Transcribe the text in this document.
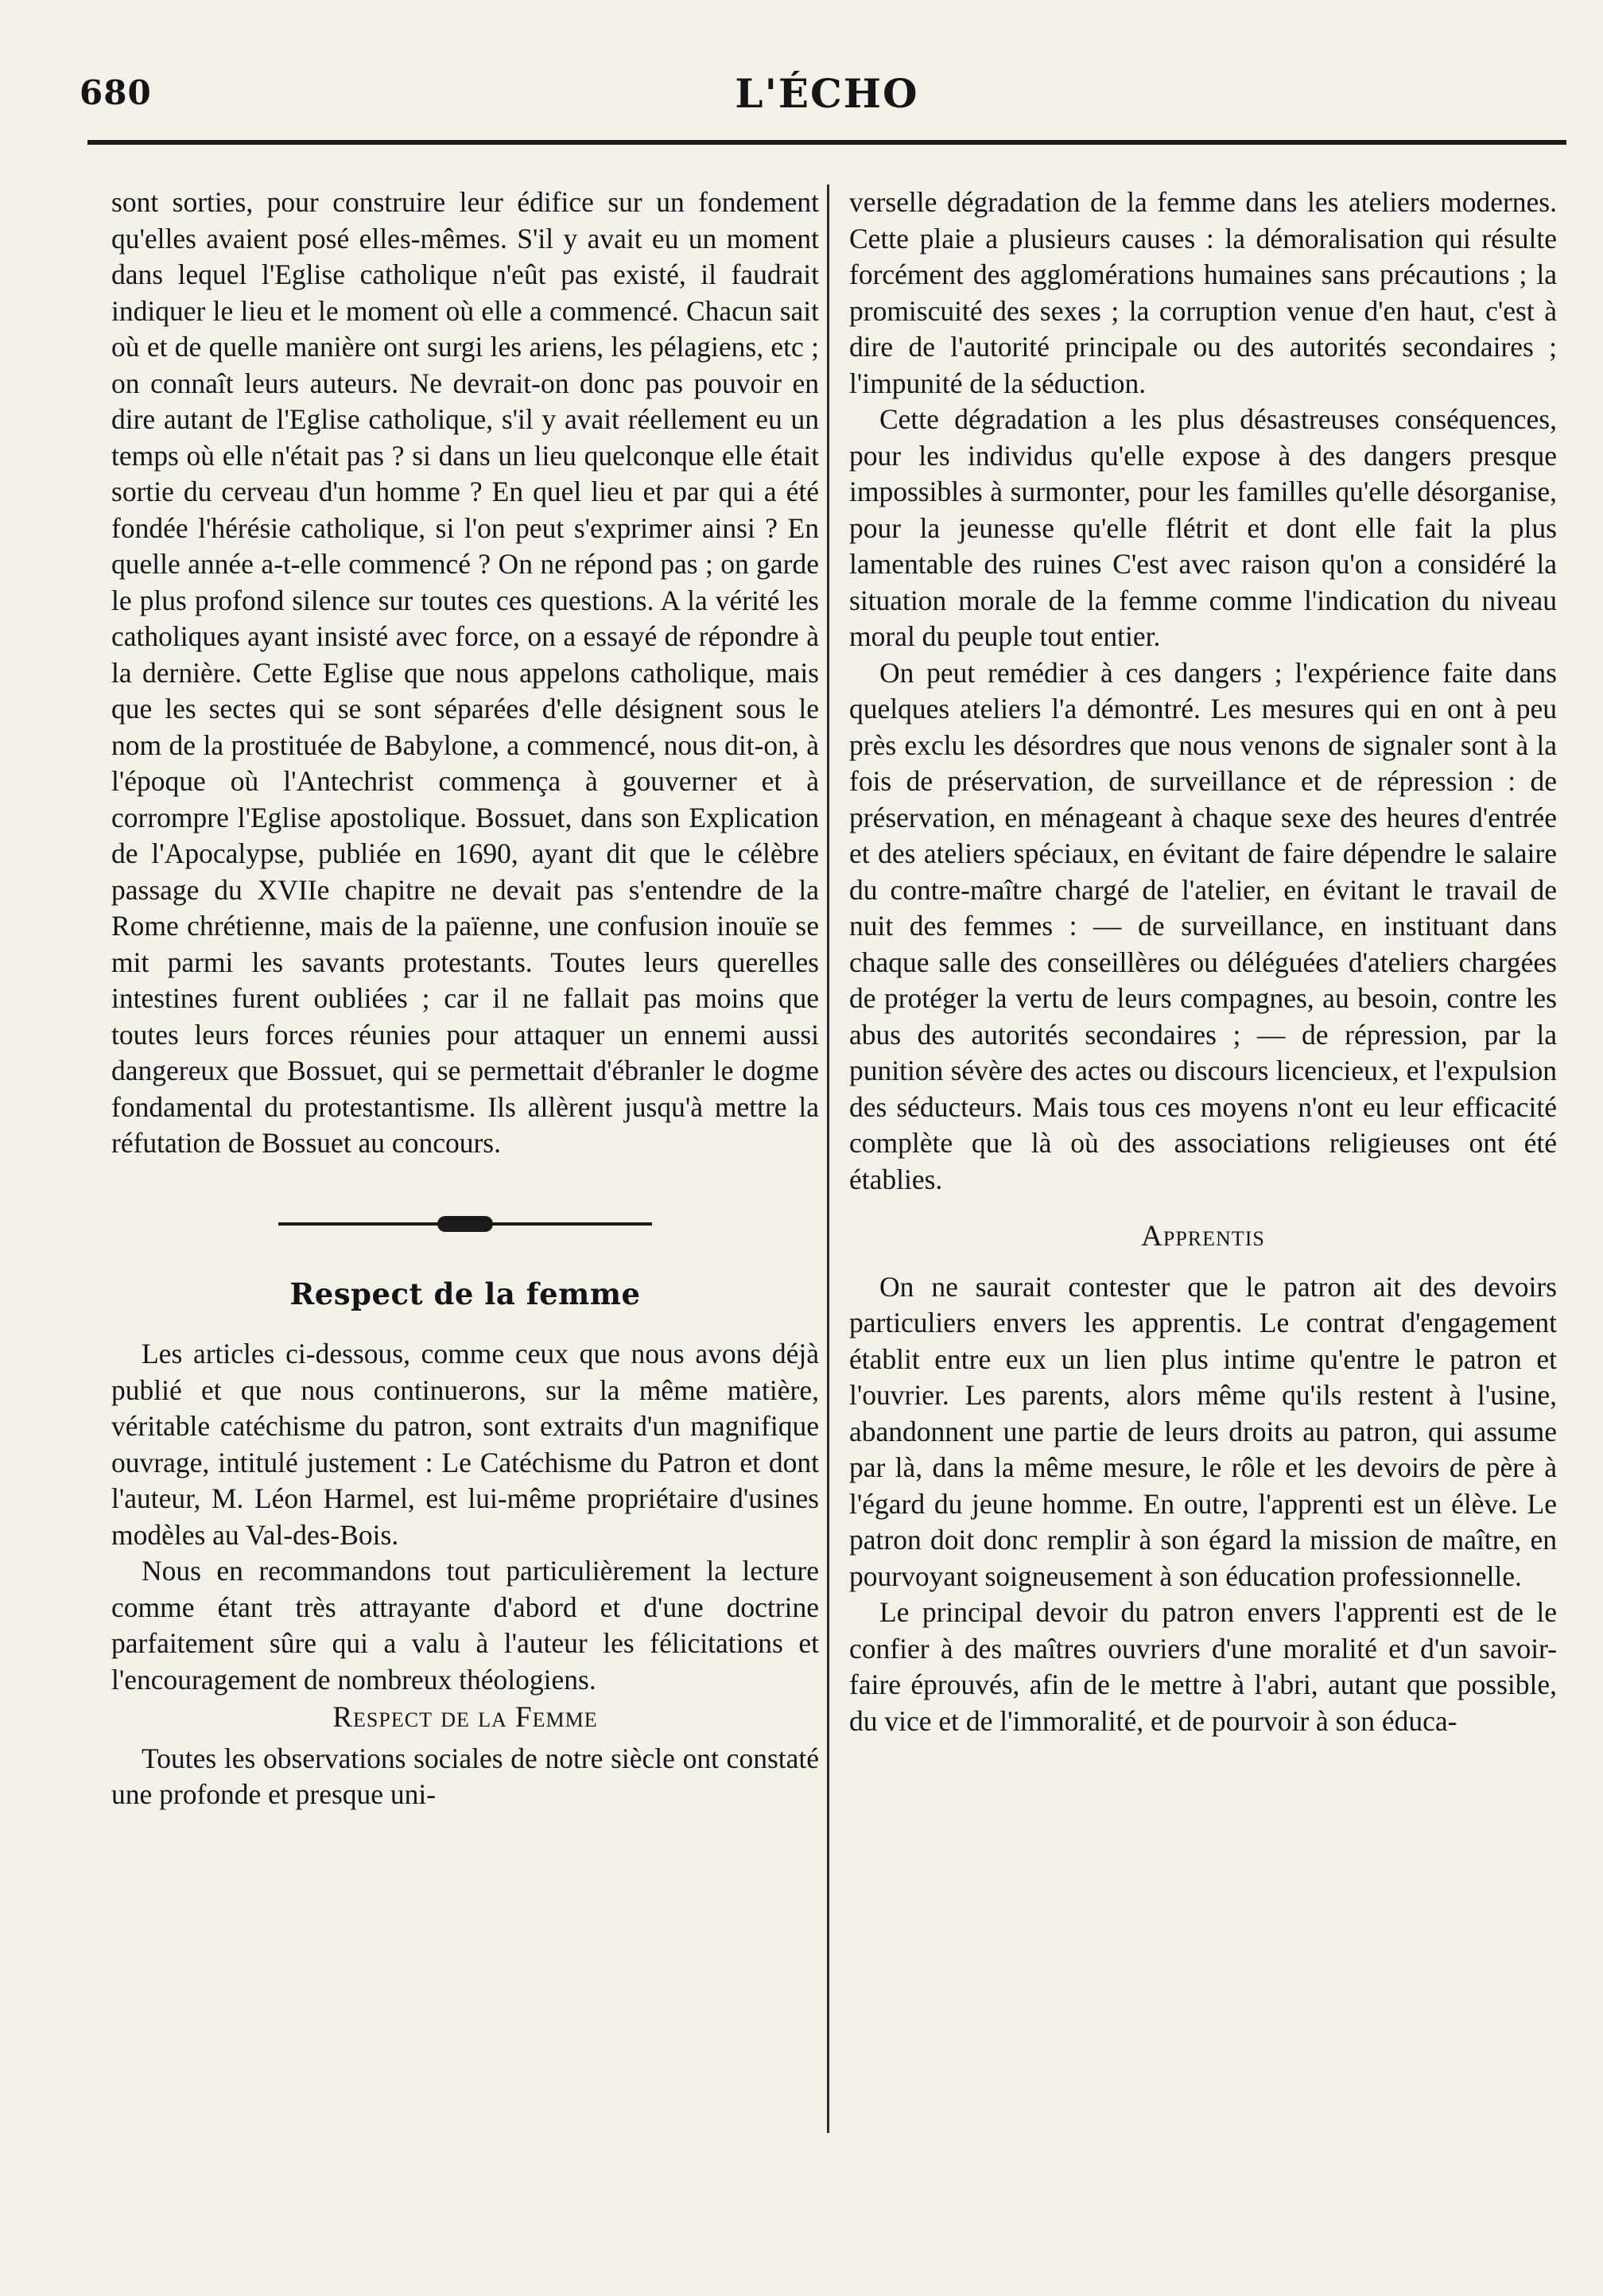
680	L'ÉCHO

sont sorties, pour construire leur édifice sur un fondement qu'elles avaient posé elles-mêmes. S'il y avait eu un moment dans lequel l'Eglise catholique n'eût pas existé, il faudrait indiquer le lieu et le moment où elle a commencé. Chacun sait où et de quelle manière ont surgi les ariens, les pélagiens, etc ; on connaît leurs auteurs. Ne devrait-on donc pas pouvoir en dire autant de l'Eglise catholique, s'il y avait réellement eu un temps où elle n'était pas ? si dans un lieu quelconque elle était sortie du cerveau d'un homme ? En quel lieu et par qui a été fondée l'hérésie catholique, si l'on peut s'exprimer ainsi ? En quelle année a-t-elle commencé ? On ne répond pas ; on garde le plus profond silence sur toutes ces questions. A la vérité les catholiques ayant insisté avec force, on a essayé de répondre à la dernière. Cette Eglise que nous appelons catholique, mais que les sectes qui se sont séparées d'elle désignent sous le nom de la prostituée de Babylone, a commencé, nous dit-on, à l'époque où l'Antechrist commença à gouverner et à corrompre l'Eglise apostolique. Bossuet, dans son Explication de l'Apocalypse, publiée en 1690, ayant dit que le célèbre passage du XVIIe chapitre ne devait pas s'entendre de la Rome chrétienne, mais de la païenne, une confusion inouïe se mit parmi les savants protestants. Toutes leurs querelles intestines furent oubliées ; car il ne fallait pas moins que toutes leurs forces réunies pour attaquer un ennemi aussi dangereux que Bossuet, qui se permettait d'ébranler le dogme fondamental du protestantisme. Ils allèrent jusqu'à mettre la réfutation de Bossuet au concours.

Respect de la femme

Les articles ci-dessous, comme ceux que nous avons déjà publié et que nous continuerons, sur la même matière, véritable catéchisme du patron, sont extraits d'un magnifique ouvrage, intitulé justement : Le Catéchisme du Patron et dont l'auteur, M. Léon Harmel, est lui-même propriétaire d'usines modèles au Val-des-Bois.

Nous en recommandons tout particulièrement la lecture comme étant très attrayante d'abord et d'une doctrine parfaitement sûre qui a valu à l'auteur les félicitations et l'encouragement de nombreux théologiens.

Respect de la Femme

Toutes les observations sociales de notre siècle ont constaté une profonde et presque uni-

verselle dégradation de la femme dans les ateliers modernes. Cette plaie a plusieurs causes : la démoralisation qui résulte forcément des agglomérations humaines sans précautions ; la promiscuité des sexes ; la corruption venue d'en haut, c'est à dire de l'autorité principale ou des autorités secondaires ; l'impunité de la séduction.

Cette dégradation a les plus désastreuses conséquences, pour les individus qu'elle expose à des dangers presque impossibles à surmonter, pour les familles qu'elle désorganise, pour la jeunesse qu'elle flétrit et dont elle fait la plus lamentable des ruines C'est avec raison qu'on a considéré la situation morale de la femme comme l'indication du niveau moral du peuple tout entier.

On peut remédier à ces dangers ; l'expérience faite dans quelques ateliers l'a démontré. Les mesures qui en ont à peu près exclu les désordres que nous venons de signaler sont à la fois de préservation, de surveillance et de répression : de préservation, en ménageant à chaque sexe des heures d'entrée et des ateliers spéciaux, en évitant de faire dépendre le salaire du contre-maître chargé de l'atelier, en évitant le travail de nuit des femmes : — de surveillance, en instituant dans chaque salle des conseillères ou déléguées d'ateliers chargées de protéger la vertu de leurs compagnes, au besoin, contre les abus des autorités secondaires ; — de répression, par la punition sévère des actes ou discours licencieux, et l'expulsion des séducteurs. Mais tous ces moyens n'ont eu leur efficacité complète que là où des associations religieuses ont été établies.

Apprentis

On ne saurait contester que le patron ait des devoirs particuliers envers les apprentis. Le contrat d'engagement établit entre eux un lien plus intime qu'entre le patron et l'ouvrier. Les parents, alors même qu'ils restent à l'usine, abandonnent une partie de leurs droits au patron, qui assume par là, dans la même mesure, le rôle et les devoirs de père à l'égard du jeune homme. En outre, l'apprenti est un élève. Le patron doit donc remplir à son égard la mission de maître, en pourvoyant soigneusement à son éducation professionnelle.

Le principal devoir du patron envers l'apprenti est de le confier à des maîtres ouvriers d'une moralité et d'un savoir-faire éprouvés, afin de le mettre à l'abri, autant que possible, du vice et de l'immoralité, et de pourvoir à son éduca-
